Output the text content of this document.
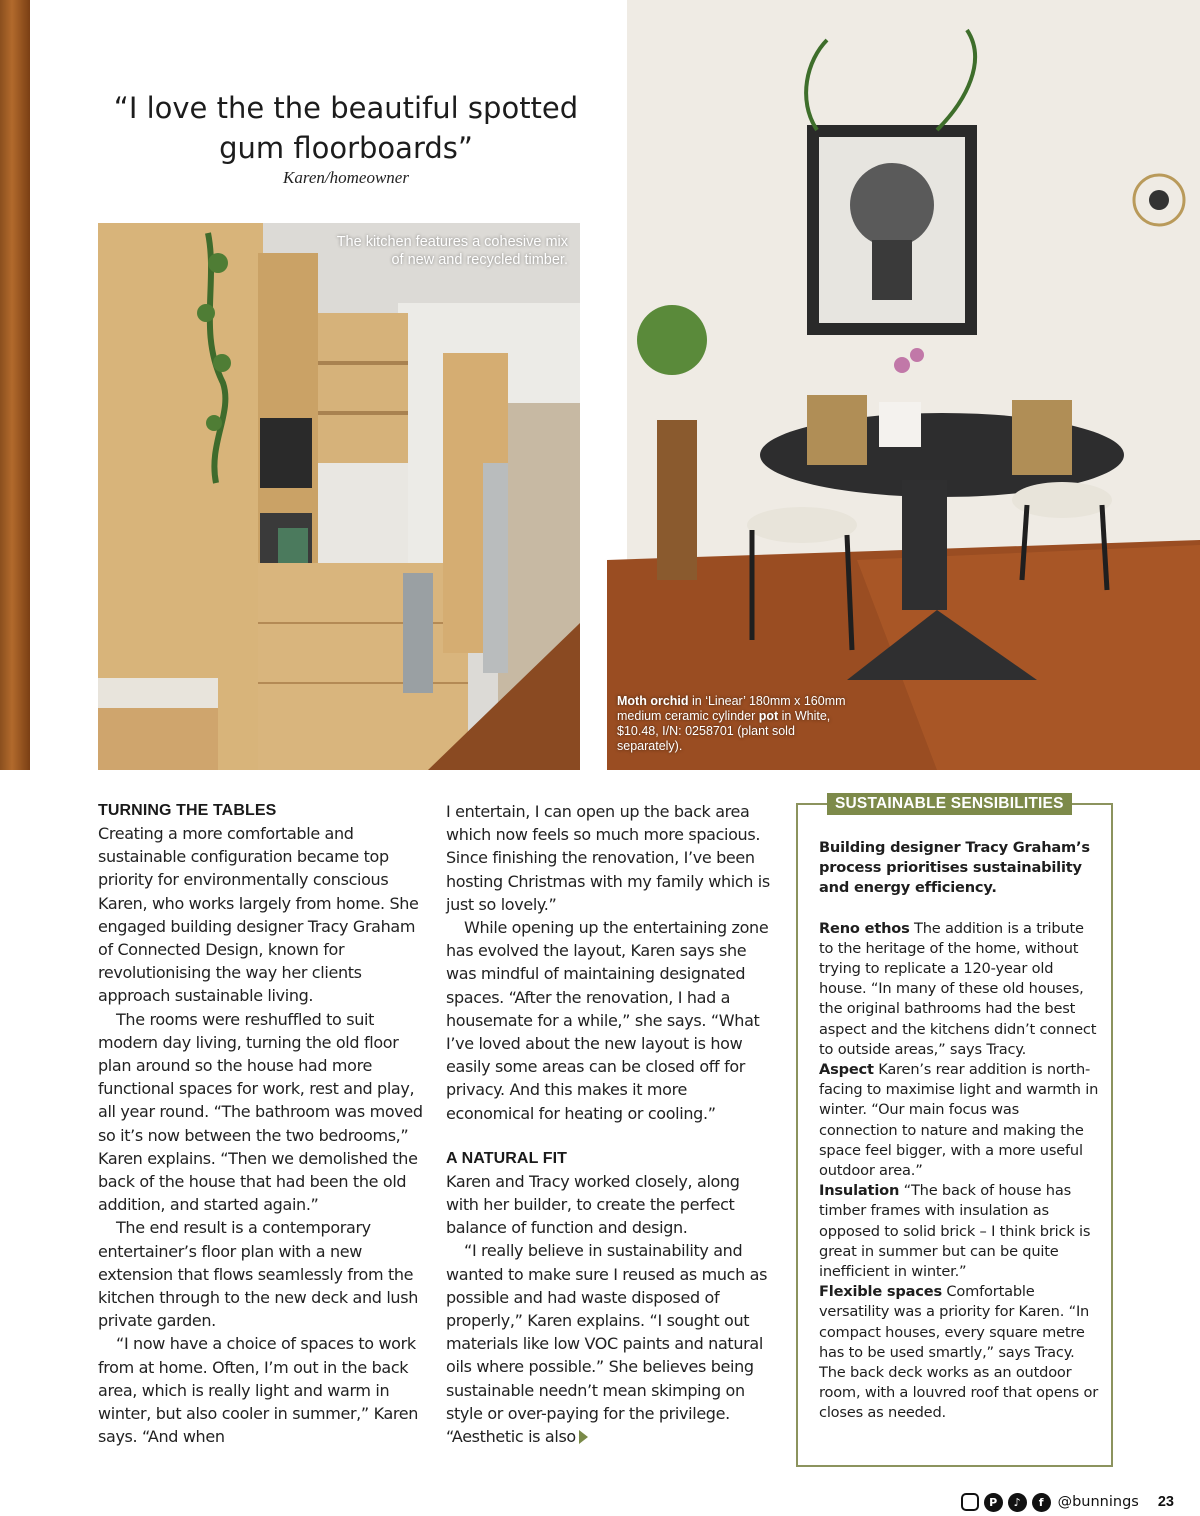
“I love the the beautiful spotted gum floorboards”
Karen/homeowner
The kitchen features a cohesive mix of new and recycled timber.
Moth orchid in ‘Linear’ 180mm x 160mm medium ceramic cylinder pot in White, $10.48, I/N: 0258701 (plant sold separately).
TURNING THE TABLES

Creating a more comfortable and sustainable configuration became top priority for environmentally conscious Karen, who works largely from home. She engaged building designer Tracy Graham of Connected Design, known for revolutionising the way her clients approach sustainable living.

The rooms were reshuffled to suit modern day living, turning the old floor plan around so the house had more functional spaces for work, rest and play, all year round. “The bathroom was moved so it’s now between the two bedrooms,” Karen explains. “Then we demolished the back of the house that had been the old addition, and started again.”

The end result is a contemporary entertainer’s floor plan with a new extension that flows seamlessly from the kitchen through to the new deck and lush private garden.

“I now have a choice of spaces to work from at home. Often, I’m out in the back area, which is really light and warm in winter, but also cooler in summer,” Karen says. “And when

I entertain, I can open up the back area which now feels so much more spacious. Since finishing the renovation, I’ve been hosting Christmas with my family which is just so lovely.”

While opening up the entertaining zone has evolved the layout, Karen says she was mindful of maintaining designated spaces. “After the renovation, I had a housemate for a while,” she says. “What I’ve loved about the new layout is how easily some areas can be closed off for privacy. And this makes it more economical for heating or cooling.”

A NATURAL FIT

Karen and Tracy worked closely, along with her builder, to create the perfect balance of function and design.

“I really believe in sustainability and wanted to make sure I reused as much as possible and had waste disposed of properly,” Karen explains. “I sought out materials like low VOC paints and natural oils where possible.” She believes being sustainable needn’t mean skimping on style or over-paying for the privilege. “Aesthetic is also

SUSTAINABLE SENSIBILITIES

Building designer Tracy Graham’s process prioritises sustainability and energy efficiency.

Reno ethos The addition is a tribute to the heritage of the home, without trying to replicate a 120-year old house. “In many of these old houses, the original bathrooms had the best aspect and the kitchens didn’t connect to outside areas,” says Tracy.

Aspect Karen’s rear addition is north-facing to maximise light and warmth in winter. “Our main focus was connection to nature and making the space feel bigger, with a more useful outdoor area.”

Insulation “The back of house has timber frames with insulation as opposed to solid brick – I think brick is great in summer but can be quite inefficient in winter.”

Flexible spaces Comfortable versatility was a priority for Karen. “In compact houses, every square metre has to be used smartly,” says Tracy. The back deck works as an outdoor room, with a louvred roof that opens or closes as needed.

P	♪	f @bunnings 23
